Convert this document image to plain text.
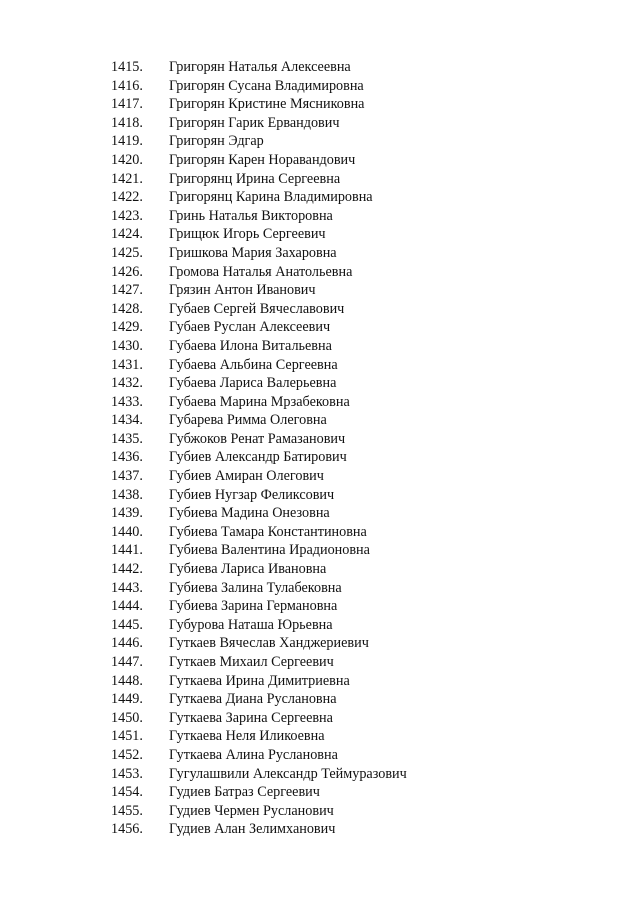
1415.	Григорян Наталья Алексеевна
1416.	Григорян Сусана Владимировна
1417.	Григорян Кристине Мясниковна
1418.	Григорян Гарик Ервандович
1419.	Григорян Эдгар
1420.	Григорян Карен Норавандович
1421.	Григорянц Ирина Сергеевна
1422.	Григорянц Карина Владимировна
1423.	Гринь Наталья Викторовна
1424.	Грищюк Игорь Сергеевич
1425.	Гришкова Мария Захаровна
1426.	Громова Наталья Анатольевна
1427.	Грязин Антон Иванович
1428.	Губаев Сергей Вячеславович
1429.	Губаев Руслан Алексеевич
1430.	Губаева Илона Витальевна
1431.	Губаева Альбина Сергеевна
1432.	Губаева Лариса Валерьевна
1433.	Губаева Марина Мрзабековна
1434.	Губарева Римма Олеговна
1435.	Губжоков Ренат Рамазанович
1436.	Губиев Александр Батирович
1437.	Губиев Амиран Олегович
1438.	Губиев Нугзар Феликсович
1439.	Губиева Мадина Онезовна
1440.	Губиева Тамара Константиновна
1441.	Губиева Валентина Ирадионовна
1442.	Губиева Лариса Ивановна
1443.	Губиева Залина Тулабековна
1444.	Губиева Зарина Германовна
1445.	Губурова Наташа Юрьевна
1446.	Гуткаев Вячеслав Ханджериевич
1447.	Гуткаев Михаил Сергеевич
1448.	Гуткаева Ирина Димитриевна
1449.	Гуткаева Диана Руслановна
1450.	Гуткаева Зарина Сергеевна
1451.	Гуткаева Неля Иликоевна
1452.	Гуткаева Алина Руслановна
1453.	Гугулашвили Александр Теймуразович
1454.	Гудиев Батраз Сергеевич
1455.	Гудиев Чермен Русланович
1456.	Гудиев Алан Зелимханович
